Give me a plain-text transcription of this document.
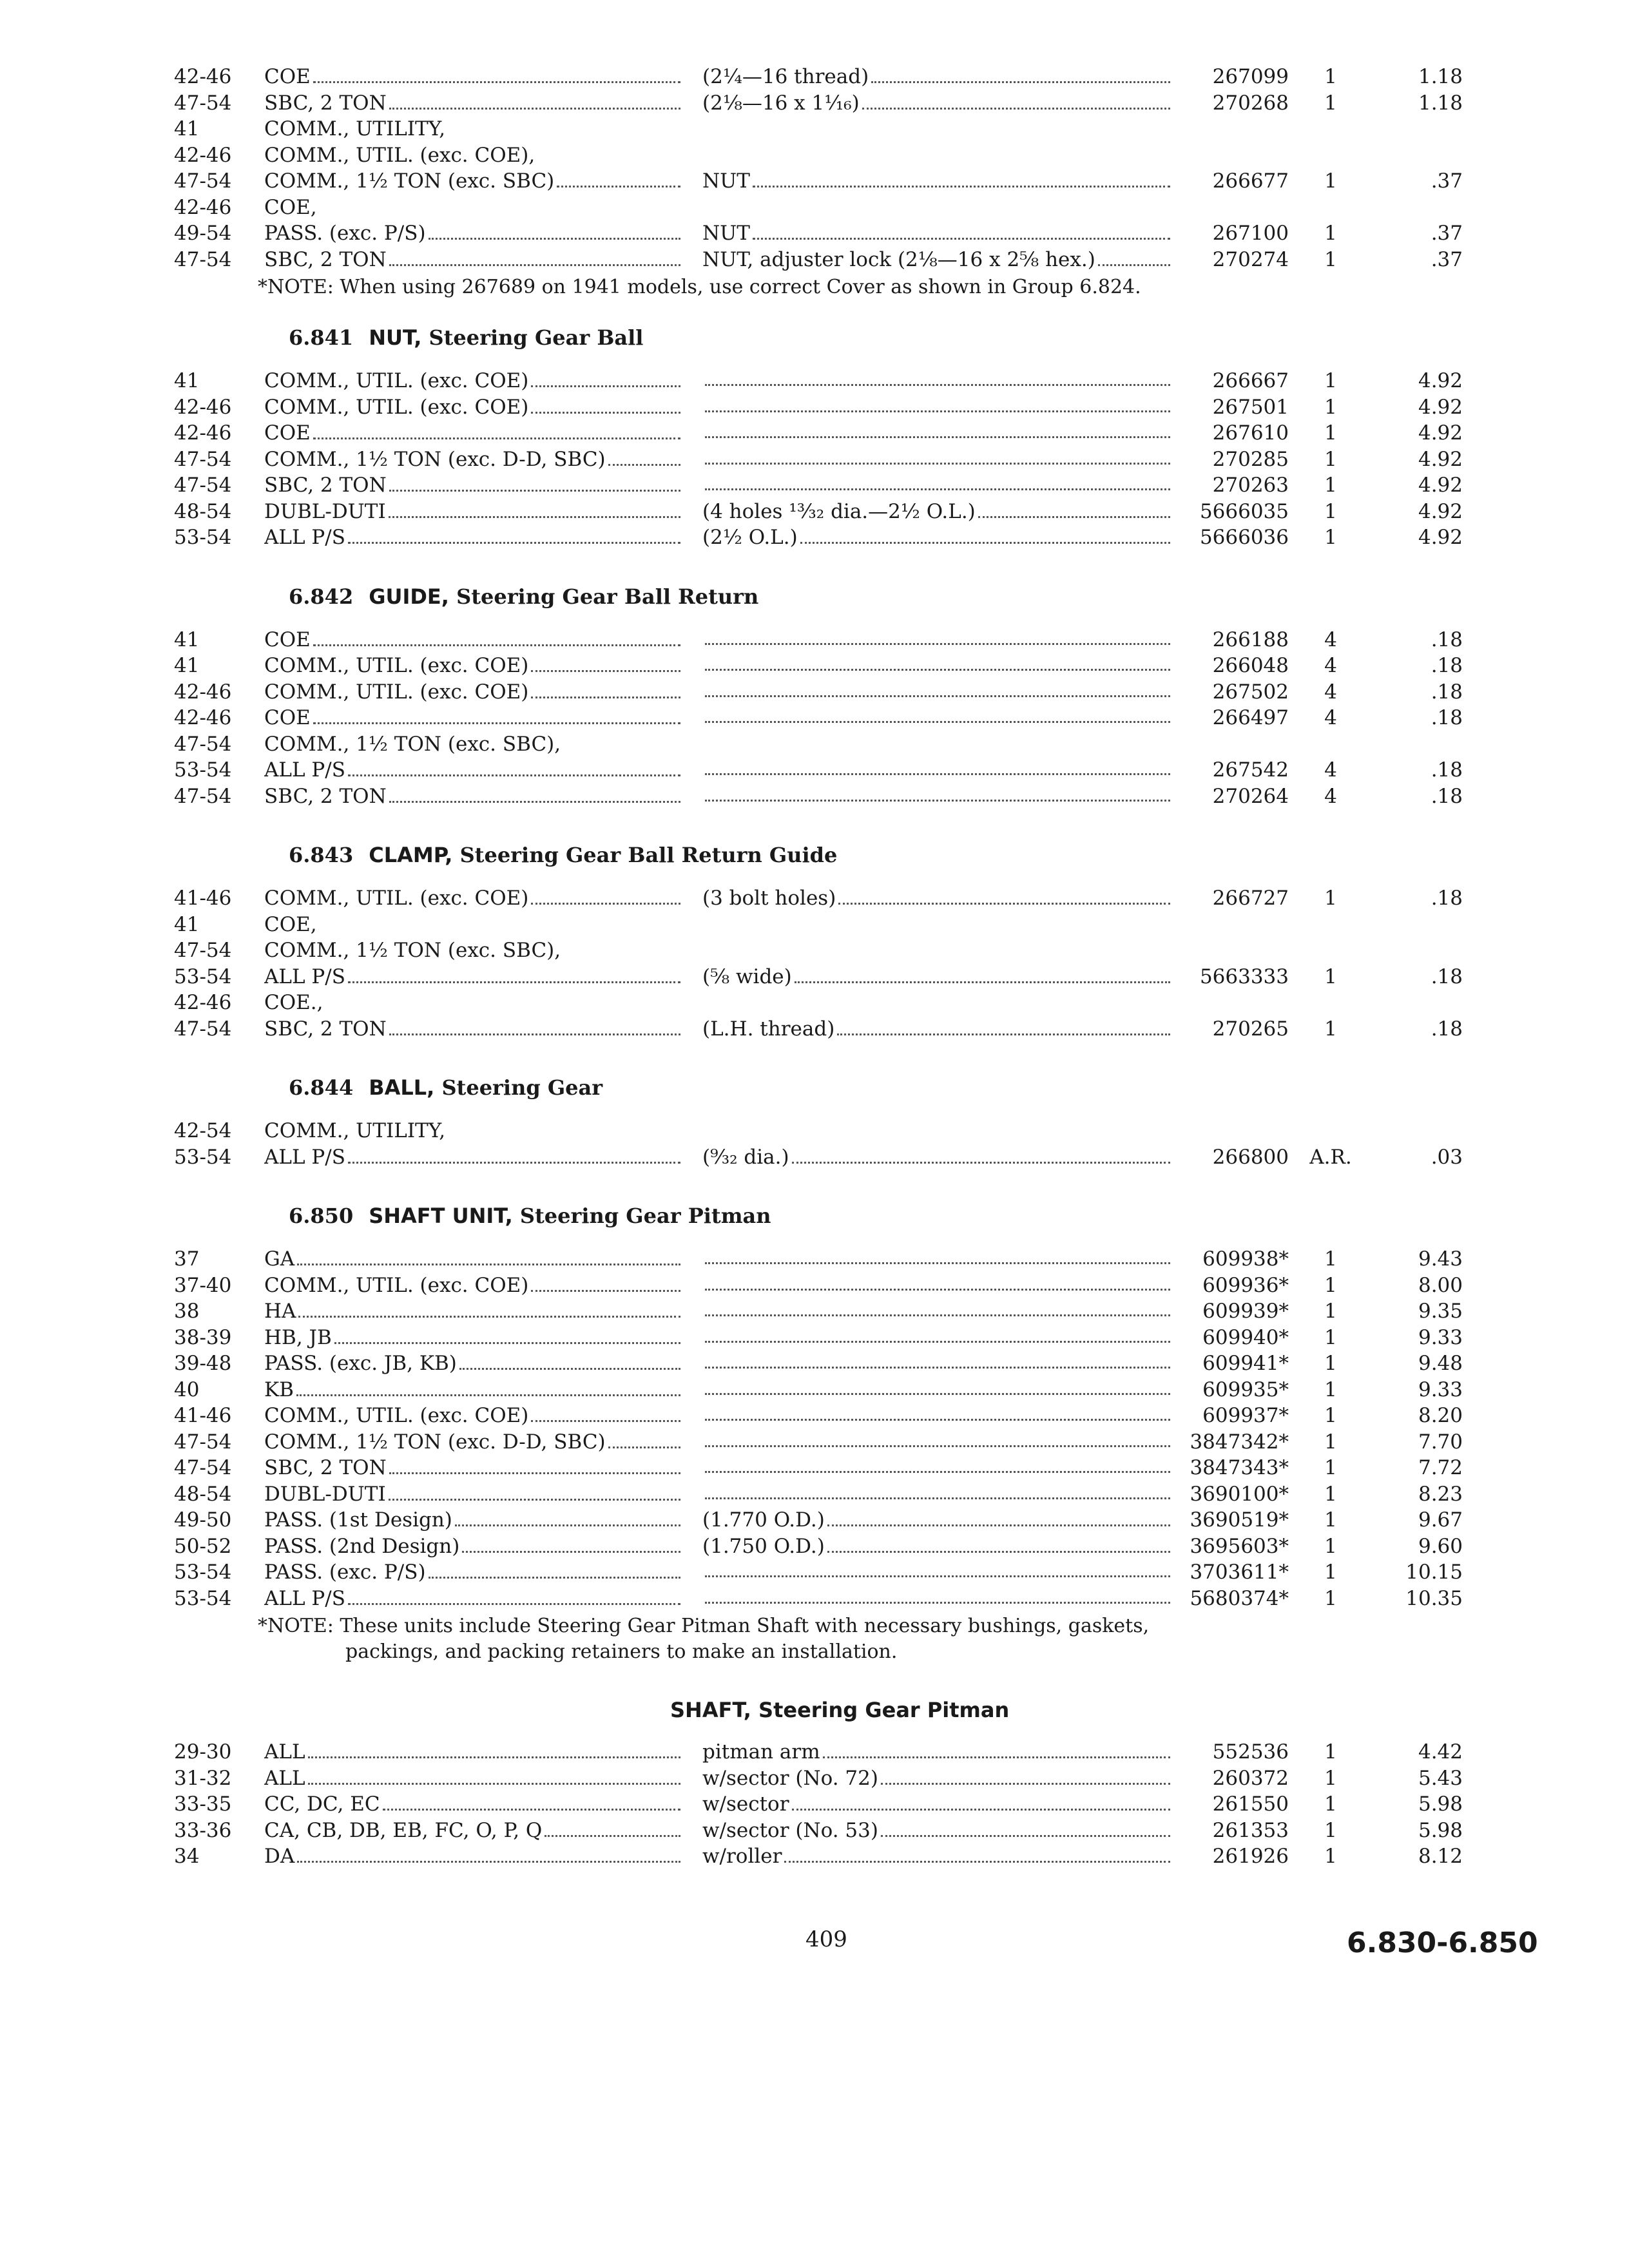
42-46	COE	(2¼—16 thread)	267099	1	1.18
47-54	SBC, 2 TON	(2⅛—16 x 1⅟₁₆)	270268	1	1.18
41	COMM., UTILITY,
42-46	COMM., UTIL. (exc. COE),
47-54	COMM., 1½ TON (exc. SBC)	NUT	266677	1	.37
42-46	COE,
49-54	PASS. (exc. P/S)	NUT	267100	1	.37
47-54	SBC, 2 TON	NUT, adjuster lock (2⅛—16 x 2⅝ hex.)	270274	1	.37
*NOTE: When using 267689 on 1941 models, use correct Cover as shown in Group 6.824.
6.841 NUT, Steering Gear Ball
41	COMM., UTIL. (exc. COE)	266667	1	4.92
42-46	COMM., UTIL. (exc. COE)	267501	1	4.92
42-46	COE	267610	1	4.92
47-54	COMM., 1½ TON (exc. D-D, SBC)	270285	1	4.92
47-54	SBC, 2 TON	270263	1	4.92
48-54	DUBL-DUTI	(4 holes ¹³⁄₃₂ dia.—2½ O.L.)	5666035	1	4.92
53-54	ALL P/S	(2½ O.L.)	5666036	1	4.92
6.842 GUIDE, Steering Gear Ball Return
41	COE	266188	4	.18
41	COMM., UTIL. (exc. COE)	266048	4	.18
42-46	COMM., UTIL. (exc. COE)	267502	4	.18
42-46	COE	266497	4	.18
47-54	COMM., 1½ TON (exc. SBC),
53-54	ALL P/S	267542	4	.18
47-54	SBC, 2 TON	270264	4	.18
6.843 CLAMP, Steering Gear Ball Return Guide
41-46	COMM., UTIL. (exc. COE)	(3 bolt holes)	266727	1	.18
41	COE,
47-54	COMM., 1½ TON (exc. SBC),
53-54	ALL P/S	(⅝ wide)	5663333	1	.18
42-46	COE.,
47-54	SBC, 2 TON	(L.H. thread)	270265	1	.18
6.844 BALL, Steering Gear
42-54	COMM., UTILITY,
53-54	ALL P/S	(⁹⁄₃₂ dia.)	266800	A.R.	.03
6.850 SHAFT UNIT, Steering Gear Pitman
37	GA	609938*	1	9.43
37-40	COMM., UTIL. (exc. COE)	609936*	1	8.00
38	HA	609939*	1	9.35
38-39	HB, JB	609940*	1	9.33
39-48	PASS. (exc. JB, KB)	609941*	1	9.48
40	KB	609935*	1	9.33
41-46	COMM., UTIL. (exc. COE)	609937*	1	8.20
47-54	COMM., 1½ TON (exc. D-D, SBC)	3847342*	1	7.70
47-54	SBC, 2 TON	3847343*	1	7.72
48-54	DUBL-DUTI	3690100*	1	8.23
49-50	PASS. (1st Design)	(1.770 O.D.)	3690519*	1	9.67
50-52	PASS. (2nd Design)	(1.750 O.D.)	3695603*	1	9.60
53-54	PASS. (exc. P/S)	3703611*	1	10.15
53-54	ALL P/S	5680374*	1	10.35
*NOTE: These units include Steering Gear Pitman Shaft with necessary bushings, gaskets,
packings, and packing retainers to make an installation.
SHAFT, Steering Gear Pitman
29-30	ALL	pitman arm	552536	1	4.42
31-32	ALL	w/sector (No. 72)	260372	1	5.43
33-35	CC, DC, EC	w/sector	261550	1	5.98
33-36	CA, CB, DB, EB, FC, O, P, Q	w/sector (No. 53)	261353	1	5.98
34	DA	w/roller	261926	1	8.12
409	6.830-6.850
